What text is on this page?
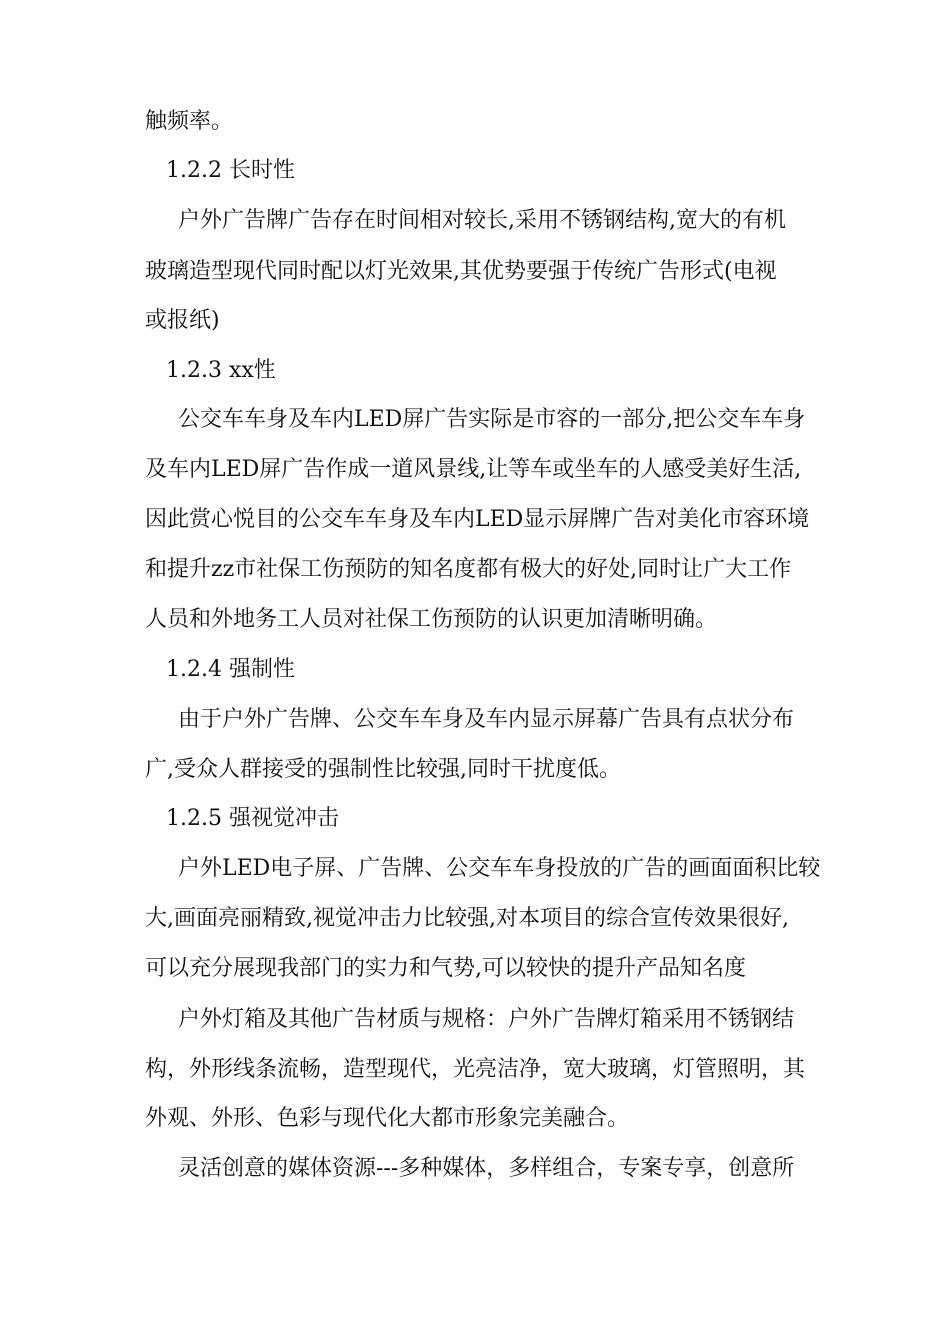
触频率。
1.2.2 长时性
户外广告牌广告存在时间相对较长,采用不锈钢结构,宽大的有机
玻璃造型现代同时配以灯光效果,其优势要强于传统广告形式(电视
或报纸)
1.2.3 xx性
公交车车身及车内LED屏广告实际是市容的一部分,把公交车车身
及车内LED屏广告作成一道风景线,让等车或坐车的人感受美好生活,
因此赏心悦目的公交车车身及车内LED显示屏牌广告对美化市容环境
和提升zz市社保工伤预防的知名度都有极大的好处,同时让广大工作
人员和外地务工人员对社保工伤预防的认识更加清晰明确。
1.2.4 强制性
由于户外广告牌、公交车车身及车内显示屏幕广告具有点状分布
广,受众人群接受的强制性比较强,同时干扰度低。
1.2.5 强视觉冲击
户外LED电子屏、广告牌、公交车车身投放的广告的画面面积比较
大,画面亮丽精致,视觉冲击力比较强,对本项目的综合宣传效果很好,
可以充分展现我部门的实力和气势,可以较快的提升产品知名度
户外灯箱及其他广告材质与规格：户外广告牌灯箱采用不锈钢结
构，外形线条流畅，造型现代，光亮洁净，宽大玻璃，灯管照明，其
外观、外形、色彩与现代化大都市形象完美融合。
灵活创意的媒体资源---多种媒体，多样组合，专案专享，创意所
